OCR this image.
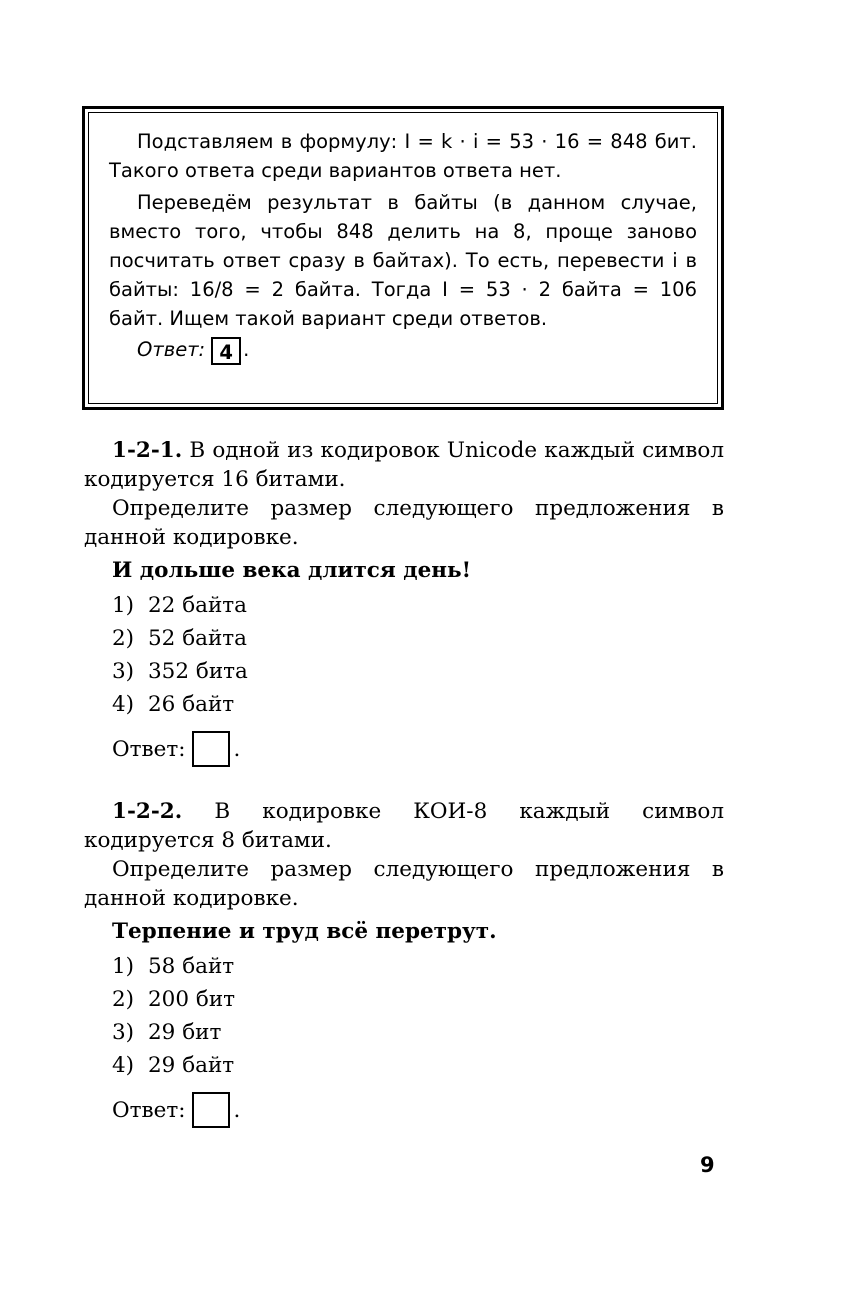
Подставляем в формулу: I = k · i = 53 · 16 = 848 бит. Такого ответа среди вариантов ответа нет.

Переведём результат в байты (в данном случае, вместо того, чтобы 848 делить на 8, проще заново посчитать ответ сразу в байтах). То есть, перевести i в байты: 16/8 = 2 байта. Тогда I = 53 · 2 байта = 106 байт. Ищем такой вариант среди ответов.

Ответ: 4 .

1-2-1. В одной из кодировок Unicode каждый символ кодируется 16 битами.

Определите размер следующего предложения в данной кодировке.

И дольше века длится день!
1) 22 байта
2) 52 байта
3) 352 бита
4) 26 байт
Ответ: .

1-2-2. В кодировке КОИ-8 каждый символ кодируется 8 битами.

Определите размер следующего предложения в данной кодировке.

Терпение и труд всё перетрут.
1) 58 байт
2) 200 бит
3) 29 бит
4) 29 байт
Ответ: .
9
